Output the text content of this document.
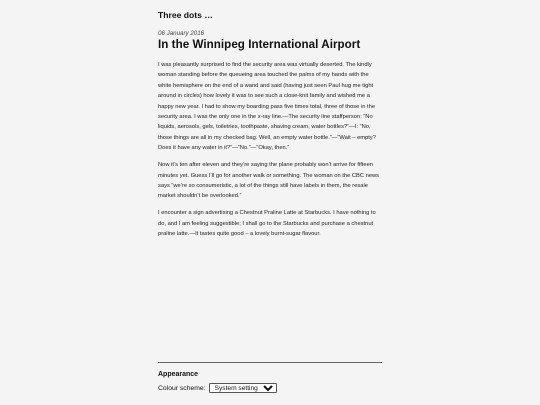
Three dots …
06 January 2016
In the Winnipeg International Airport

I was pleasantly surprised to find the security area was virtually deserted. The kindly woman standing before the queueing area touched the palms of my hands with the white hemisphere on the end of a wand and said (having just seen Paul hug me tight around in circles) how lovely it was to see such a close-knit family and wished me a happy new year. I had to show my boarding pass five times total, three of those in the security area. I was the only one in the x-ray line.—The security line staffperson: “No liquids, aerosols, gels, toiletries, toothpaste, shaving cream, water bottles?”—I: “No, those things are all in my checked bag. Well, an empty water bottle.”—“Wait – empty? Does it have any water in it?”—“No.”—“Okay, then.”

Now it’s ten after eleven and they’re saying the plane probably won’t arrive for fifteen minutes yet. Guess I’ll go for another walk or something. The woman on the CBC news says “we’re so consumeristic, a lot of the things still have labels in them, the resale market shouldn’t be overlooked.”

I encounter a sign advertising a Chestnut Praline Latte at Starbucks. I have nothing to do, and I am feeling suggestible; I shall go to the Starbucks and purchase a chestnut praline latte.—It tastes quite good – a lovely burnt-sugar flavour.

Appearance
Colour scheme:
System setting
